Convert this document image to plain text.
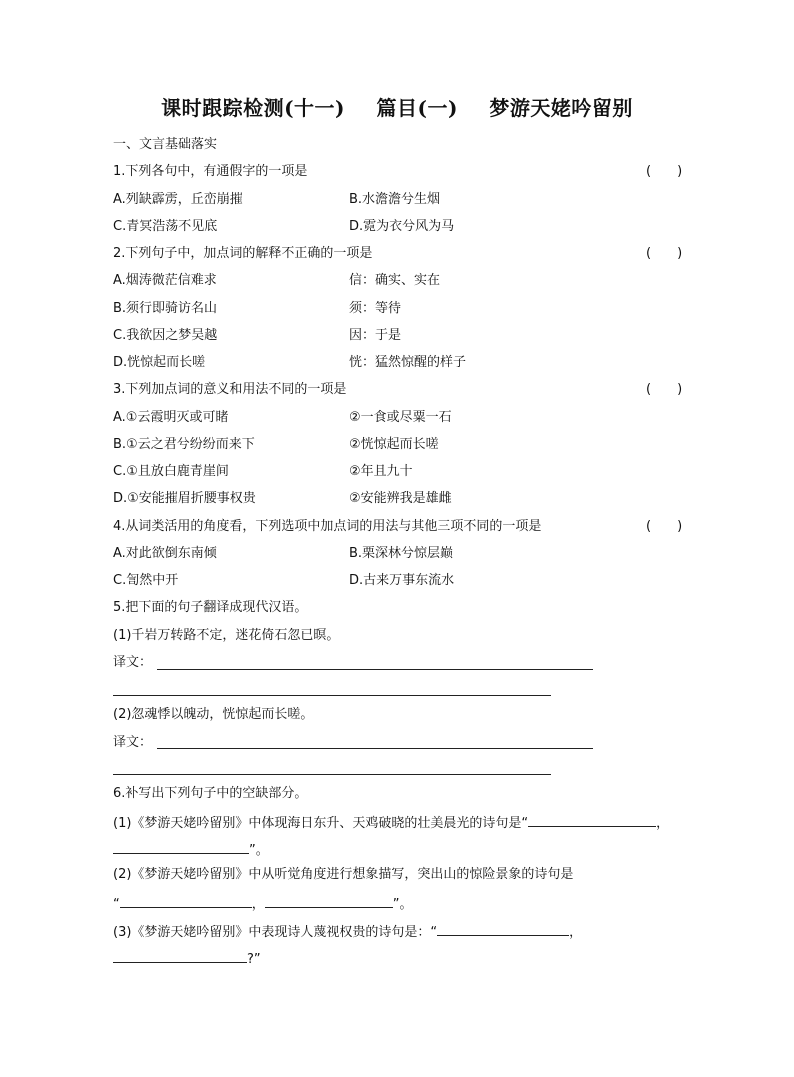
课时跟踪检测(十一) 篇目(一) 梦游天姥吟留别
一、文言基础落实
1.下列各句中，有通假字的一项是	(　　)
A.列缺霹雳，丘峦崩摧	B.水澹澹兮生烟
C.青冥浩荡不见底	D.霓为衣兮风为马
2.下列句子中，加点词的解释不正确的一项是	(　　)
A.烟涛微茫信难求	信：确实、实在
B.须行即骑访名山	须：等待
C.我欲因之梦吴越	因：于是
D.恍惊起而长嗟	恍：猛然惊醒的样子
3.下列加点词的意义和用法不同的一项是	(　　)
A.①云霞明灭或可睹	②一食或尽粟一石
B.①云之君兮纷纷而来下	②恍惊起而长嗟
C.①且放白鹿青崖间	②年且九十
D.①安能摧眉折腰事权贵	②安能辨我是雄雌
4.从词类活用的角度看，下列选项中加点词的用法与其他三项不同的一项是	(　　)
A.对此欲倒东南倾	B.栗深林兮惊层巅
C.訇然中开	D.古来万事东流水
5.把下面的句子翻译成现代汉语。
(1)千岩万转路不定，迷花倚石忽已暝。
译文：
(2)忽魂悸以魄动，恍惊起而长嗟。
译文：
6.补写出下列句子中的空缺部分。
(1)《梦游天姥吟留别》中体现海日东升、天鸡破晓的壮美晨光的诗句是“	，
”。
(2)《梦游天姥吟留别》中从听觉角度进行想象描写，突出山的惊险景象的诗句是
“	，	”。
(3)《梦游天姥吟留别》中表现诗人蔑视权贵的诗句是：“	，
?”
